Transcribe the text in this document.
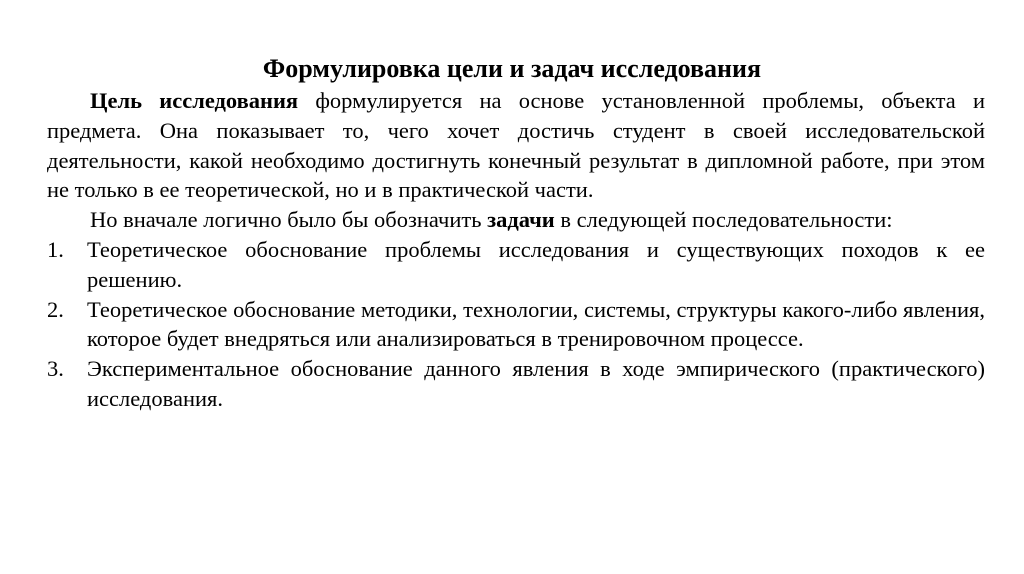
Формулировка цели и задач исследования

Цель исследования формулируется на основе установленной проблемы, объекта и предмета. Она показывает то, чего хочет достичь студент в своей исследовательской деятельности, какой необходимо достигнуть конечный результат в дипломной работе, при этом не только в ее теоретической, но и в практической части.

Но вначале логично было бы обозначить задачи в следующей последовательности:

1.	Теоретическое обоснование проблемы исследования и существующих походов к ее решению.
2.	Теоретическое обоснование методики, технологии, системы, структуры какого-либо явления, которое будет внедряться или анализироваться в тренировочном процессе.
3.	Экспериментальное обоснование данного явления в ходе эмпирического (практического) исследования.
